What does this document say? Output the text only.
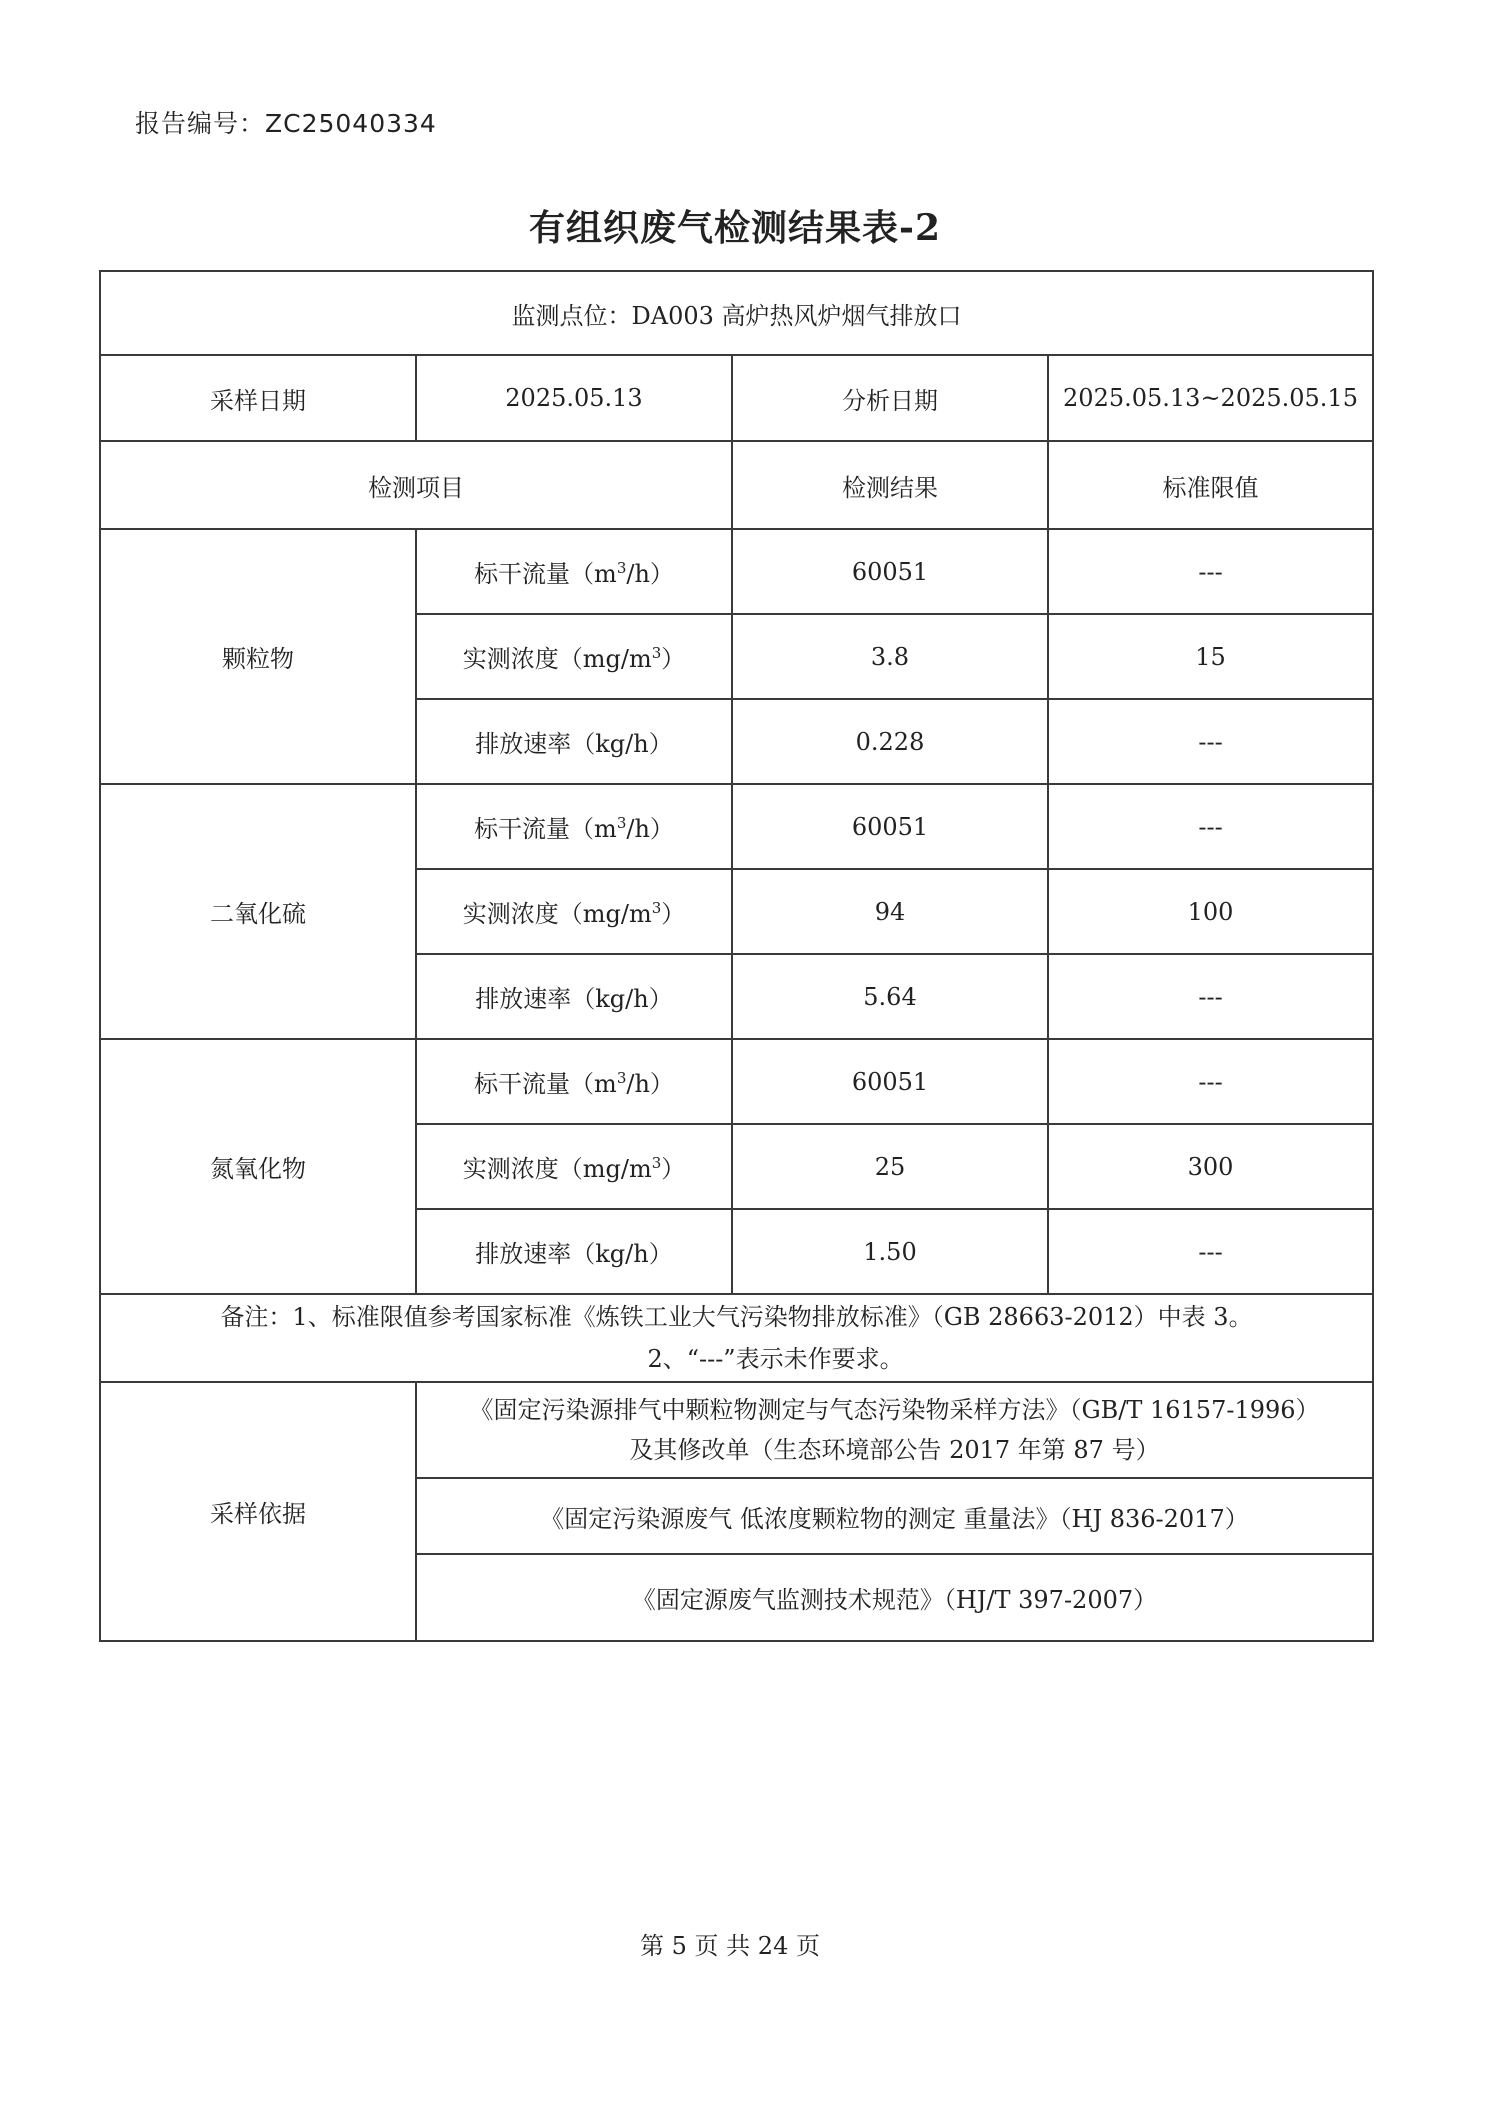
报告编号：ZC25040334
有组织废气检测结果表-2
监测点位：DA003 高炉热风炉烟气排放口			
采样日期	2025.05.13	分析日期	2025.05.13~2025.05.15
检测项目		检测结果	标准限值
颗粒物	标干流量$(m^3/h)$	60051	---
	实测浓度$(mg/m^3)$	3.8	15
	排放速率（kg/h）	0.228	---
二氧化硫	标干流量$(m^3/h)$	60051	---
	实测浓度$(mg/m^3)$	94	100
	排放速率（kg/h）	5.64	---
氮氧化物	标干流量$(m^3/h)$	60051	---
	实测浓度$(mg/m^3)$	25	300
	排放速率（kg/h）	1.50	---
备注：1、标准限值参考国家标准《炼铁工业大气污染物排放标准》（GB 28663-2012）中表 3。
2、“---”表示未作要求。			

采样依据	《固定污染源排气中颗粒物测定与气态污染物采样方法》（GB/T 16157-1996）
及其修改单（生态环境部公告 2017 年第 87 号）		
	《固定污染源废气 低浓度颗粒物的测定 重量法》（HJ 836-2017）		
	《固定源废气监测技术规范》（HJ/T 397-2007）		
第 5 页 共 24 页
